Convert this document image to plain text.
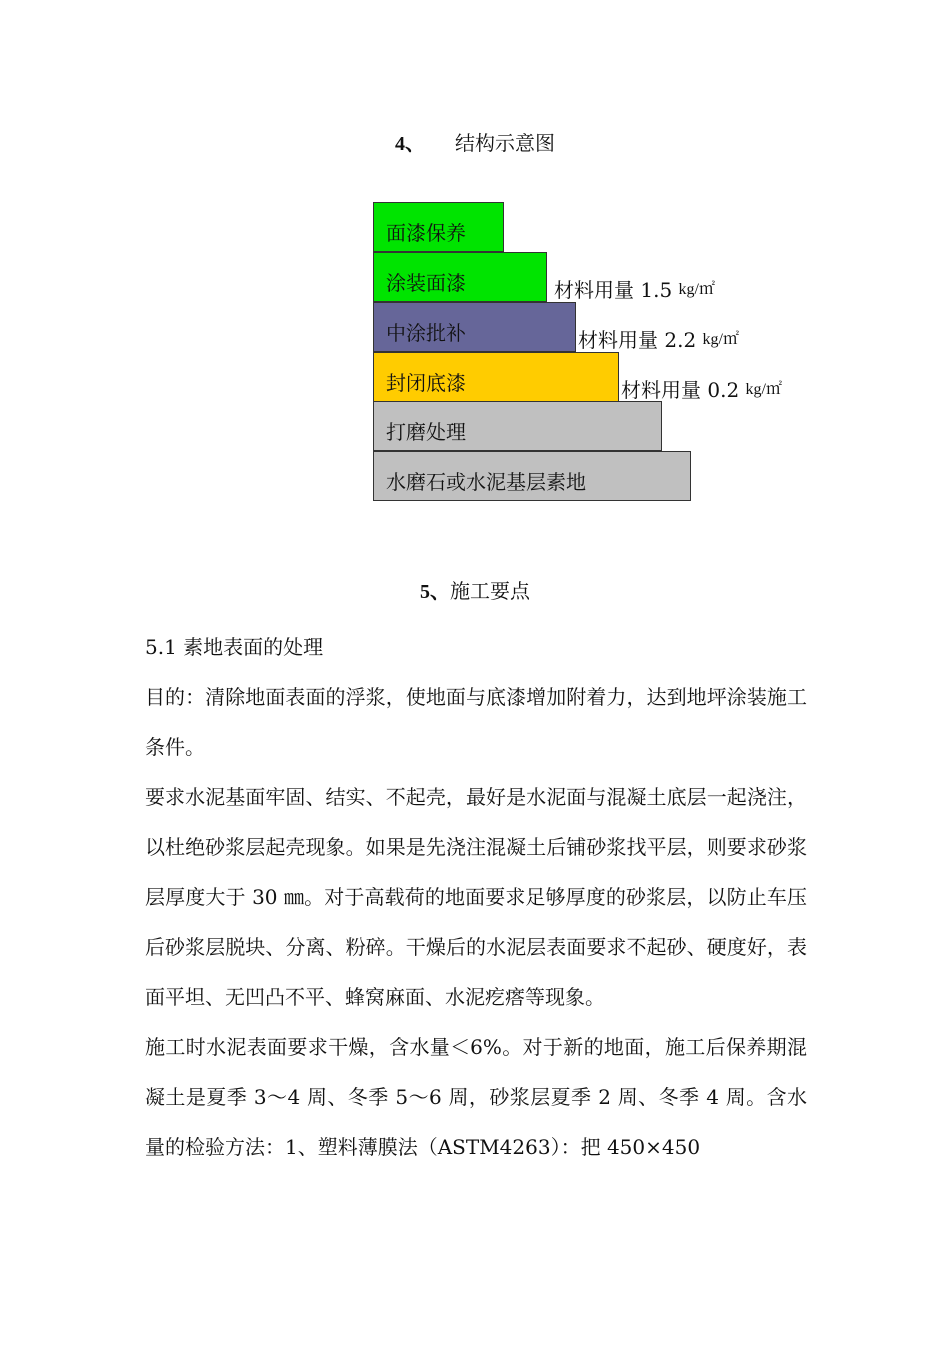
4、 结构示意图
面漆保养
涂装面漆
中涂批补
封闭底漆
打磨处理
水磨石或水泥基层素地
材料用量 1.5 kg/㎡
材料用量 2.2 kg/㎡
材料用量 0.2 kg/㎡
5、施工要点

5.1 素地表面的处理

目的：清除地面表面的浮浆，使地面与底漆增加附着力，达到地坪涂装施工条件。

要求水泥基面牢固、结实、不起壳，最好是水泥面与混凝土底层一起浇注，以杜绝砂浆层起壳现象。如果是先浇注混凝土后铺砂浆找平层，则要求砂浆层厚度大于 30 ㎜。对于高载荷的地面要求足够厚度的砂浆层，以防止车压后砂浆层脱块、分离、粉碎。干燥后的水泥层表面要求不起砂、硬度好，表面平坦、无凹凸不平、蜂窝麻面、水泥疙瘩等现象。

施工时水泥表面要求干燥，含水量＜6%。对于新的地面，施工后保养期混凝土是夏季 3～4 周、冬季 5～6 周，砂浆层夏季 2 周、冬季 4 周。含水量的检验方法：1、塑料薄膜法（ASTM4263）：把 450×450
